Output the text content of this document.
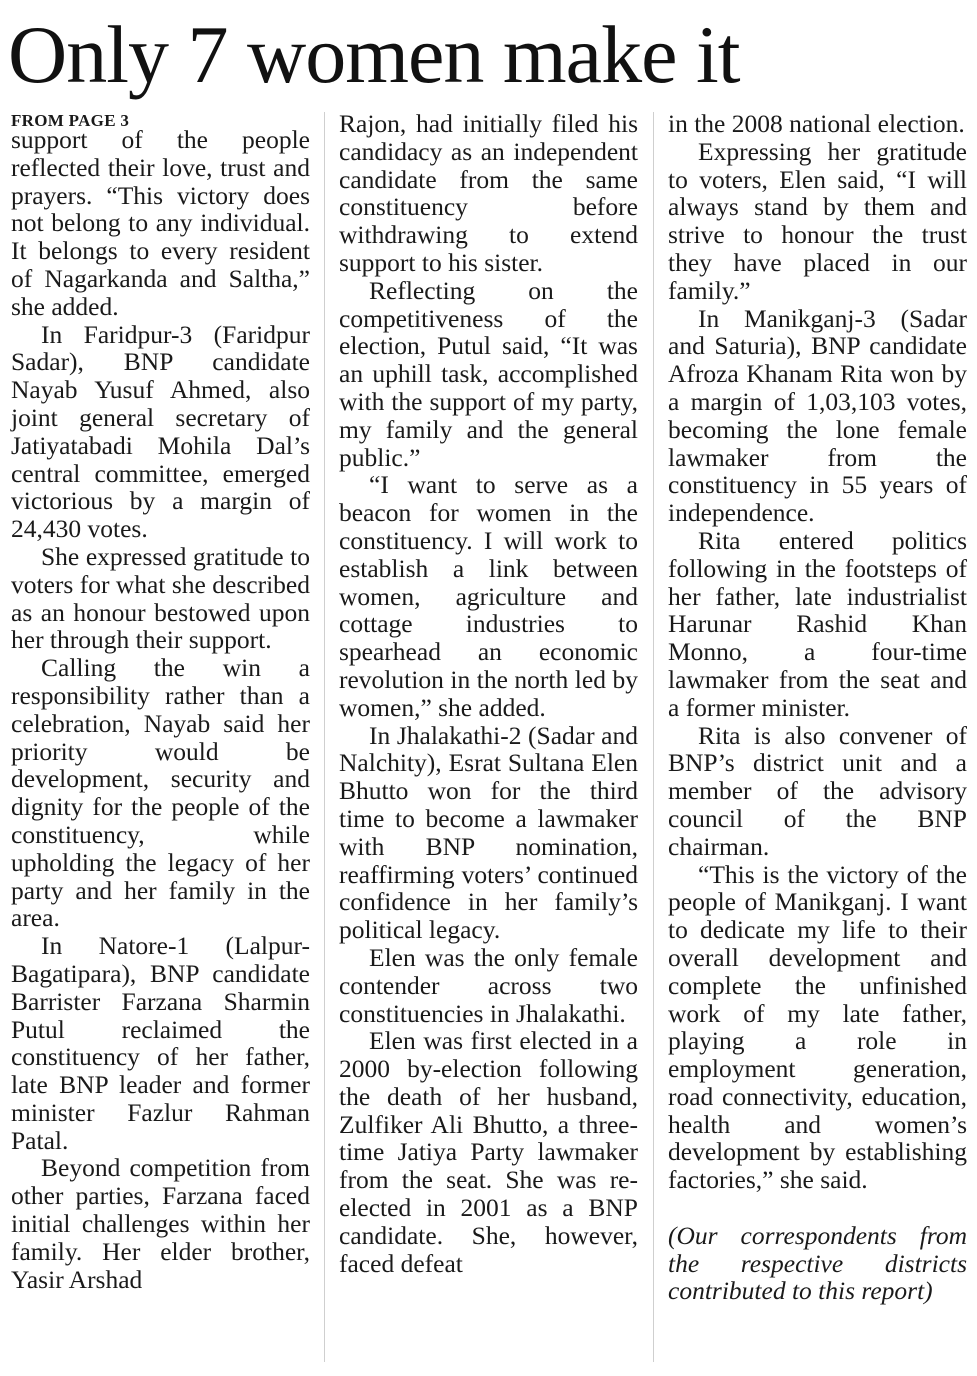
Only 7 women make it
FROM PAGE 3

support of the people reflected their love, trust and prayers. “This victory does not belong to any individual. It belongs to every resident of Nagarkanda and Saltha,” she added.

In Faridpur-3 (Faridpur Sadar), BNP candidate Nayab Yusuf Ahmed, also joint general secretary of Jatiyatabadi Mohila Dal’s central committee, emerged victorious by a margin of 24,430 votes.

She expressed gratitude to voters for what she described as an honour bestowed upon her through their support.

Calling the win a responsibility rather than a celebration, Nayab said her priority would be development, security and dignity for the people of the constituency, while upholding the legacy of her party and her family in the area.

In Natore-1 (Lalpur-Bagatipara), BNP candidate Barrister Farzana Sharmin Putul reclaimed the constituency of her father, late BNP leader and former minister Fazlur Rahman Patal.

Beyond competition from other parties, Farzana faced initial challenges within her family. Her elder brother, Yasir Arshad

Rajon, had initially filed his candidacy as an independent candidate from the same constituency before withdrawing to extend support to his sister.

Reflecting on the competitiveness of the election, Putul said, “It was an uphill task, accomplished with the support of my party, my family and the general public.”

“I want to serve as a beacon for women in the constituency. I will work to establish a link between women, agriculture and cottage industries to spearhead an economic revolution in the north led by women,” she added.

In Jhalakathi-2 (Sadar and Nalchity), Esrat Sultana Elen Bhutto won for the third time to become a lawmaker with BNP nomination, reaffirming voters’ continued confidence in her family’s political legacy.

Elen was the only female contender across two constituencies in Jhalakathi.

Elen was first elected in a 2000 by-election following the death of her husband, Zulfiker Ali Bhutto, a three-time Jatiya Party lawmaker from the seat. She was re-elected in 2001 as a BNP candidate. She, however, faced defeat

in the 2008 national election.

Expressing her gratitude to voters, Elen said, “I will always stand by them and strive to honour the trust they have placed in our family.”

In Manikganj-3 (Sadar and Saturia), BNP candidate Afroza Khanam Rita won by a margin of 1,03,103 votes, becoming the lone female lawmaker from the constituency in 55 years of independence.

Rita entered politics following in the footsteps of her father, late industrialist Harunar Rashid Khan Monno, a four-time lawmaker from the seat and a former minister.

Rita is also convener of BNP’s district unit and a member of the advisory council of the BNP chairman.

“This is the victory of the people of Manikganj. I want to dedicate my life to their overall development and complete the unfinished work of my late father, playing a role in employment generation, road connectivity, education, health and women’s development by establishing factories,” she said.

(Our correspondents from the respective districts contributed to this report)
